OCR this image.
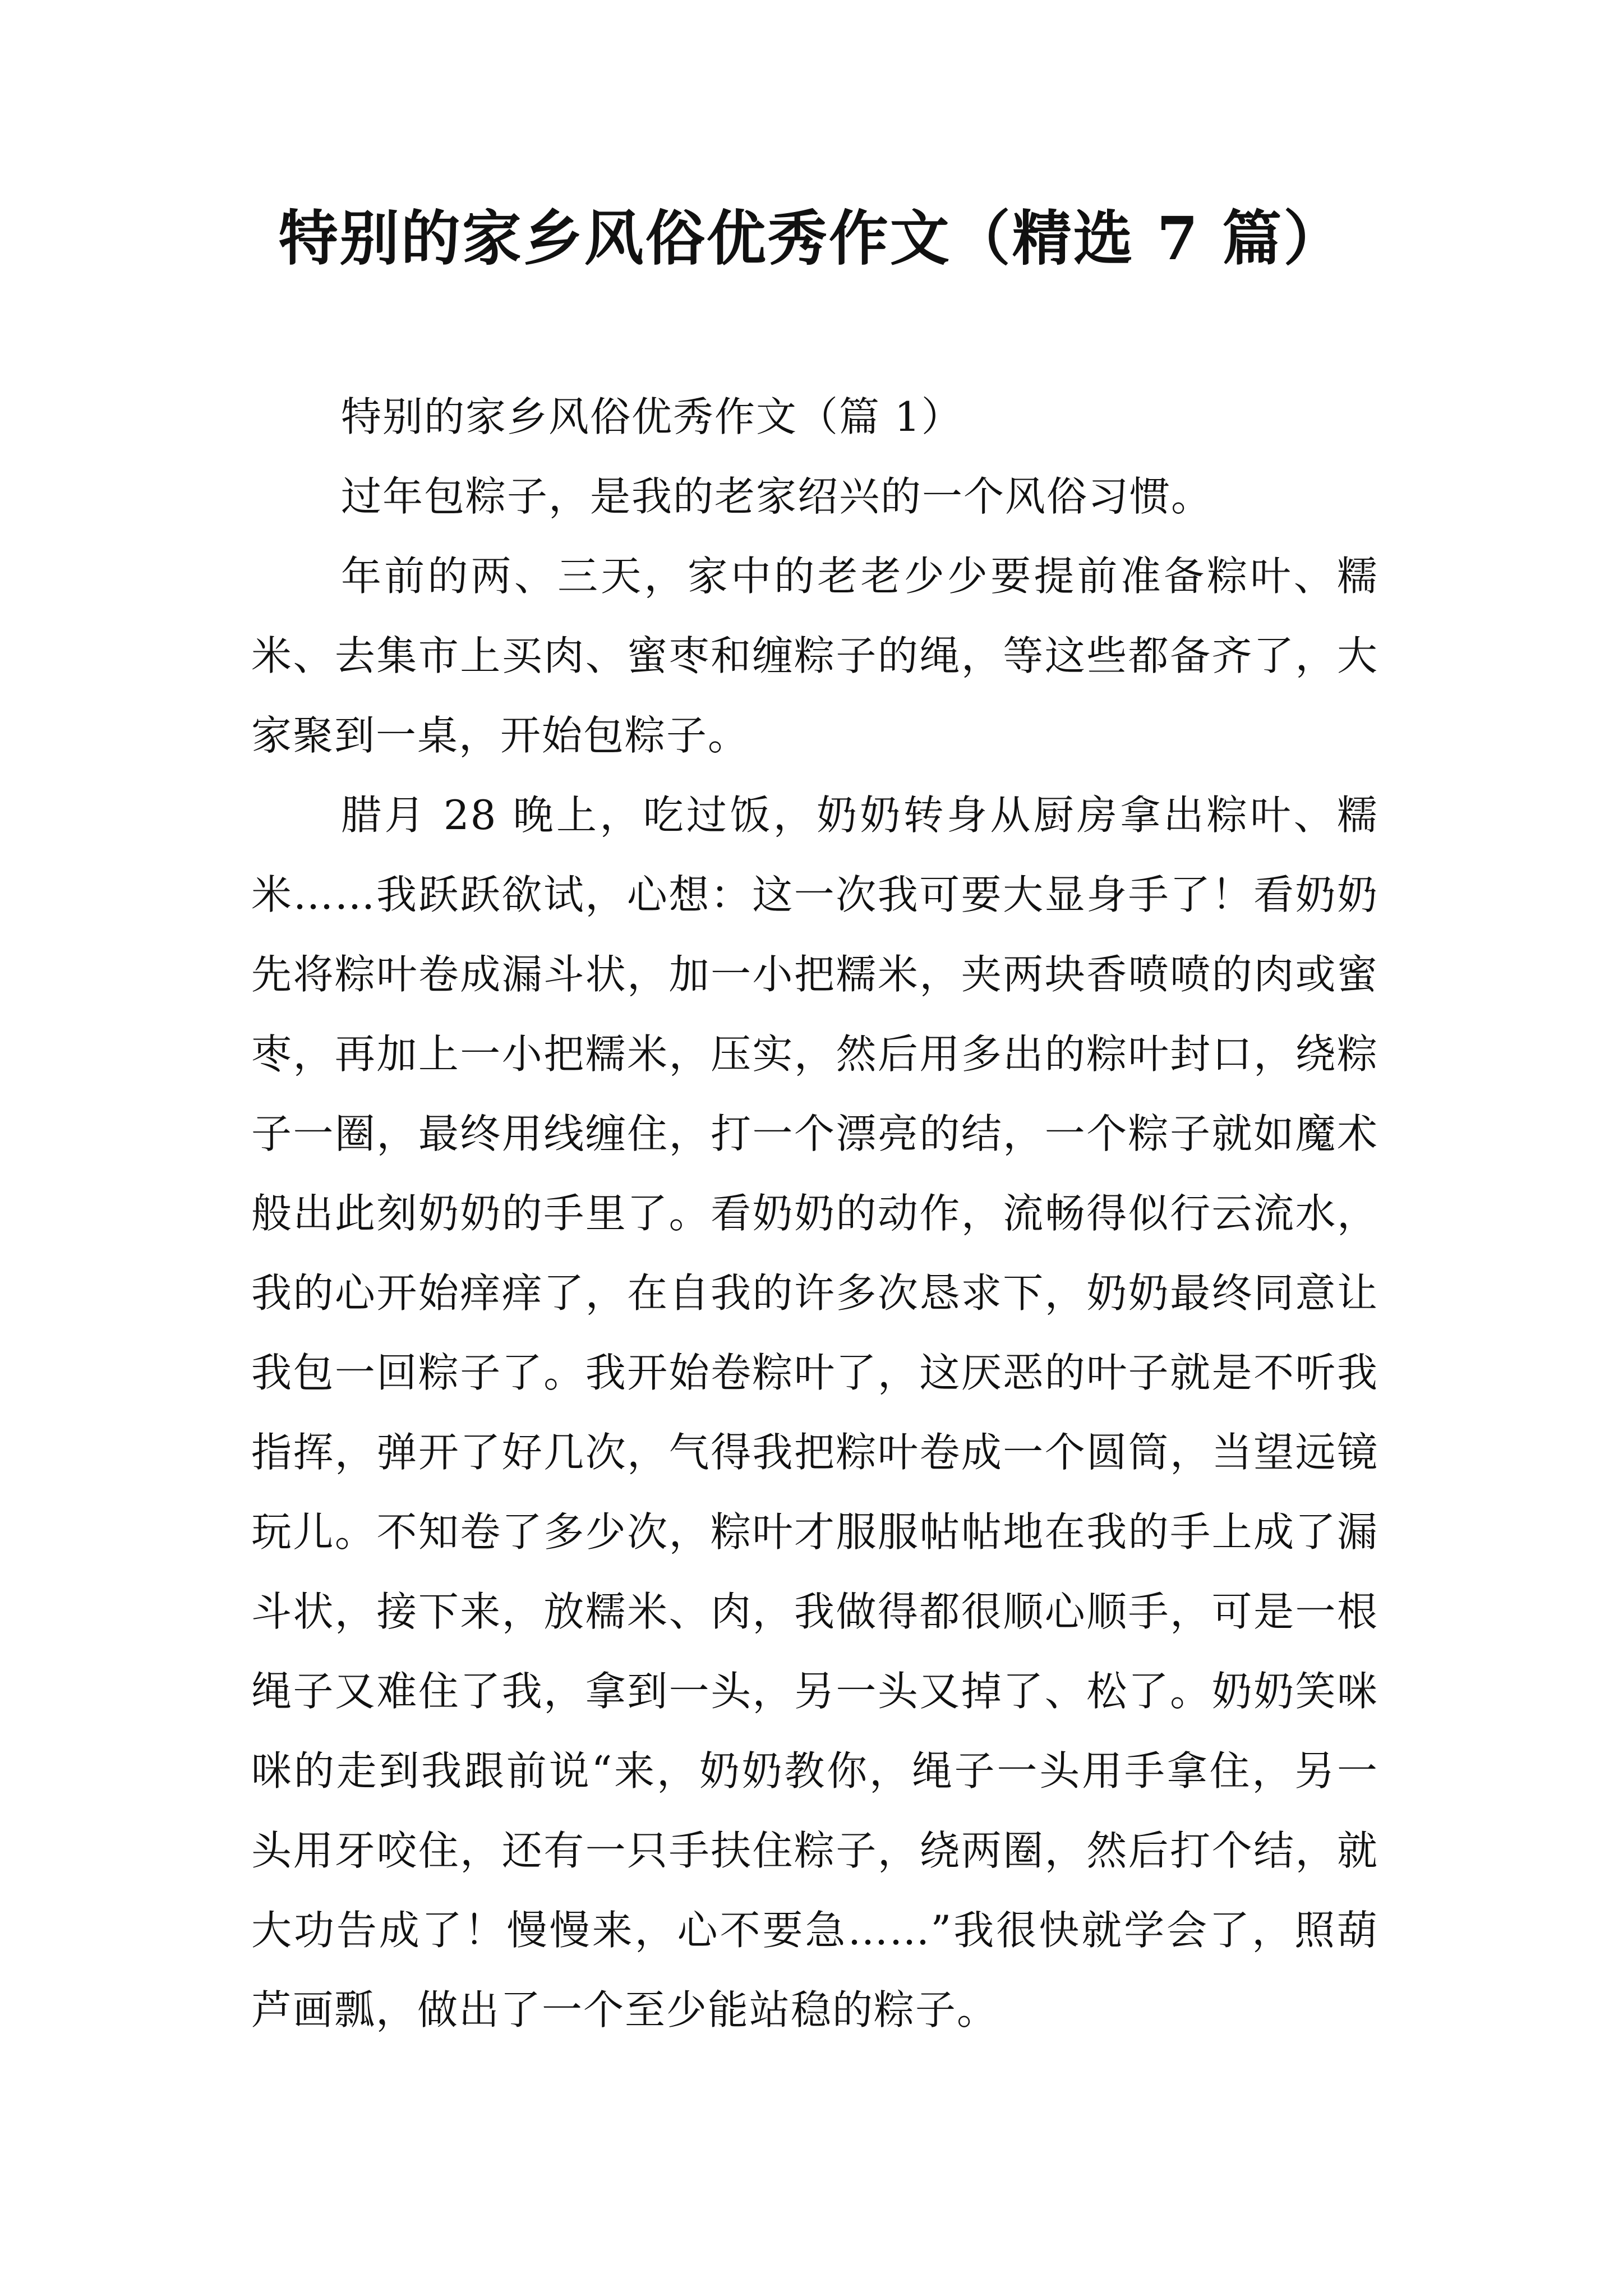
特别的家乡风俗优秀作文（精选 7 篇）

特别的家乡风俗优秀作文（篇 1）

过年包粽子，是我的老家绍兴的一个风俗习惯。

年前的两、三天，家中的老老少少要提前准备粽叶、糯米、去集市上买肉、蜜枣和缠粽子的绳，等这些都备齐了，大家聚到一桌，开始包粽子。

腊月 28 晚上，吃过饭，奶奶转身从厨房拿出粽叶、糯米……我跃跃欲试，心想：这一次我可要大显身手了！看奶奶先将粽叶卷成漏斗状，加一小把糯米，夹两块香喷喷的肉或蜜枣，再加上一小把糯米，压实，然后用多出的粽叶封口，绕粽子一圈，最终用线缠住，打一个漂亮的结，一个粽子就如魔术般出此刻奶奶的手里了。看奶奶的动作，流畅得似行云流水，我的心开始痒痒了，在自我的许多次恳求下，奶奶最终同意让我包一回粽子了。我开始卷粽叶了，这厌恶的叶子就是不听我指挥，弹开了好几次，气得我把粽叶卷成一个圆筒，当望远镜玩儿。不知卷了多少次，粽叶才服服帖帖地在我的手上成了漏斗状，接下来，放糯米、肉，我做得都很顺心顺手，可是一根绳子又难住了我，拿到一头，另一头又掉了、松了。奶奶笑咪咪的走到我跟前说“来，奶奶教你，绳子一头用手拿住，另一头用牙咬住，还有一只手扶住粽子，绕两圈，然后打个结，就大功告成了！慢慢来，心不要急……”我很快就学会了，照葫芦画瓢，做出了一个至少能站稳的粽子。
